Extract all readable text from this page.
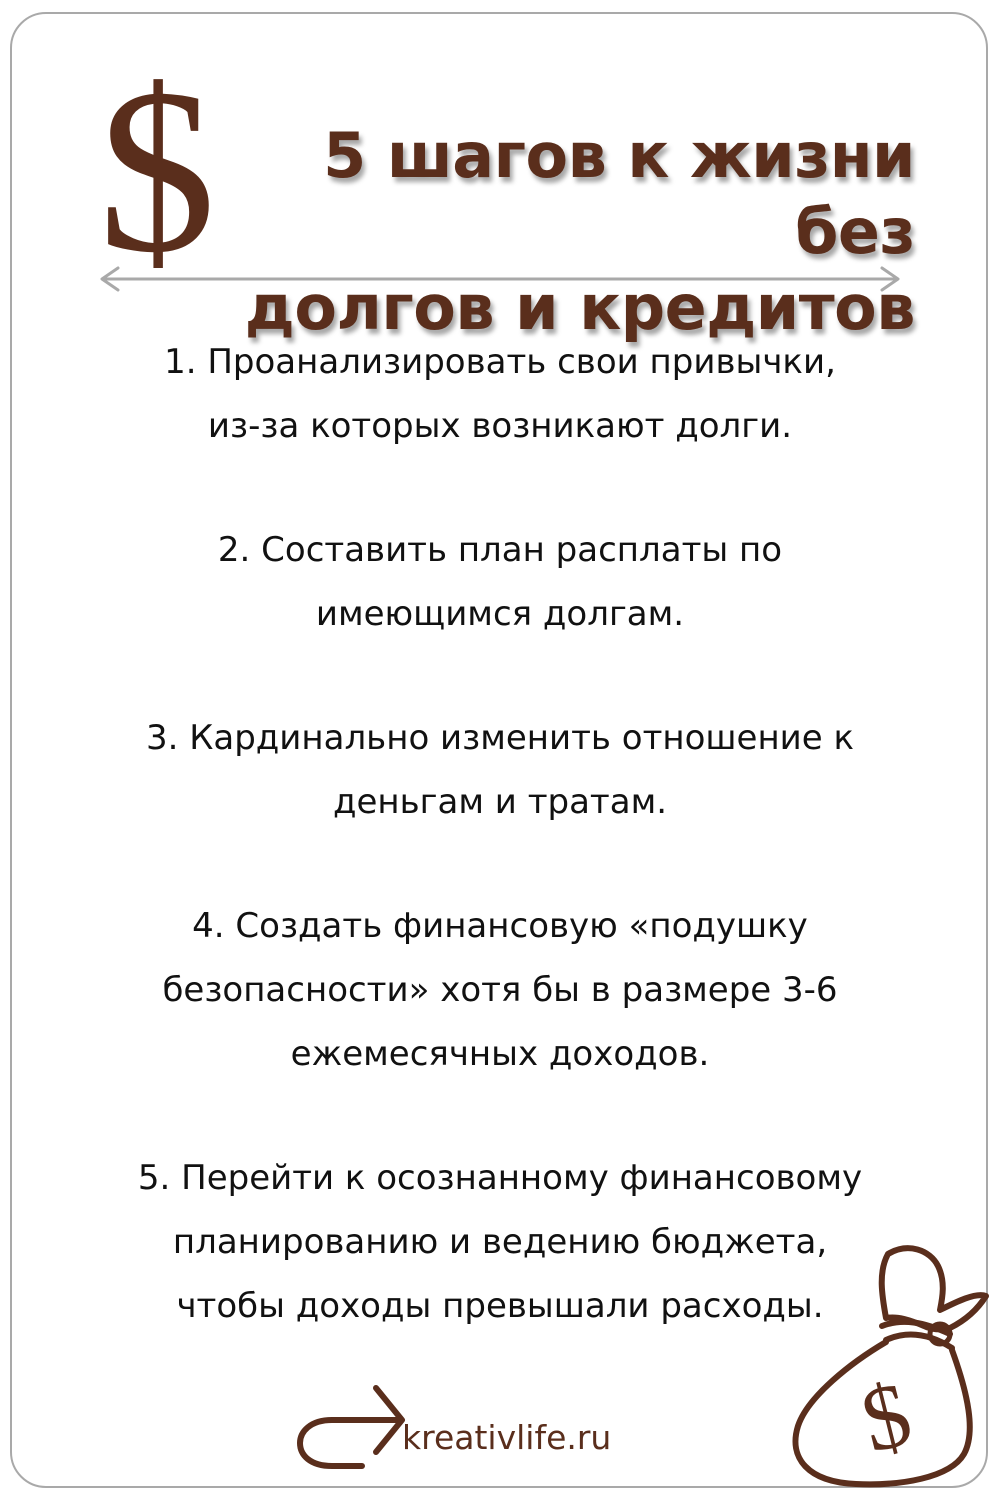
$	5 шагов к жизни без
долгов и кредитов
1. Проанализировать свои привычки,
из-за которых возникают долги.
2. Составить план расплаты по
имеющимся долгам.
3. Кардинально изменить отношение к
деньгам и тратам.
4. Создать финансовую «подушку
безопасности» хотя бы в размере 3-6
ежемесячных доходов.
5. Перейти к осознанному финансовому
планированию и ведению бюджета,
чтобы доходы превышали расходы.
kreativlife.ru	$
